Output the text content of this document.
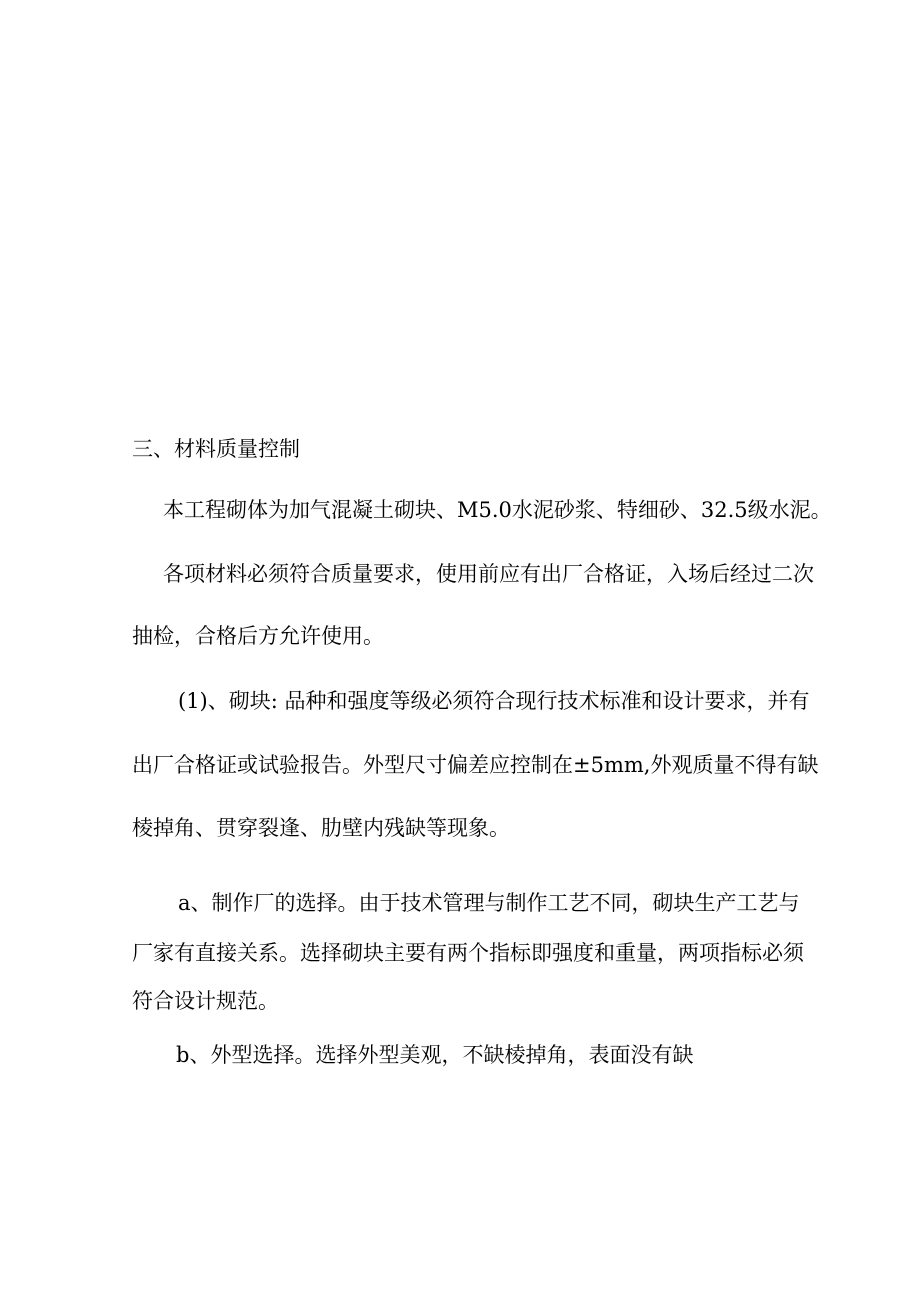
三、材料质量控制
本工程砌体为加气混凝土砌块、M5.0水泥砂浆、特细砂、32.5级水泥。
各项材料必须符合质量要求，使用前应有出厂合格证，入场后经过二次
抽检，合格后方允许使用。
(1)、砌块: 品种和强度等级必须符合现行技术标准和设计要求，并有
出厂合格证或试验报告。外型尺寸偏差应控制在±5mm,外观质量不得有缺
棱掉角、贯穿裂逢、肋壁内残缺等现象。
a、制作厂的选择。由于技术管理与制作工艺不同，砌块生产工艺与
厂家有直接关系。选择砌块主要有两个指标即强度和重量，两项指标必须
符合设计规范。
b、外型选择。选择外型美观，不缺棱掉角，表面没有缺
